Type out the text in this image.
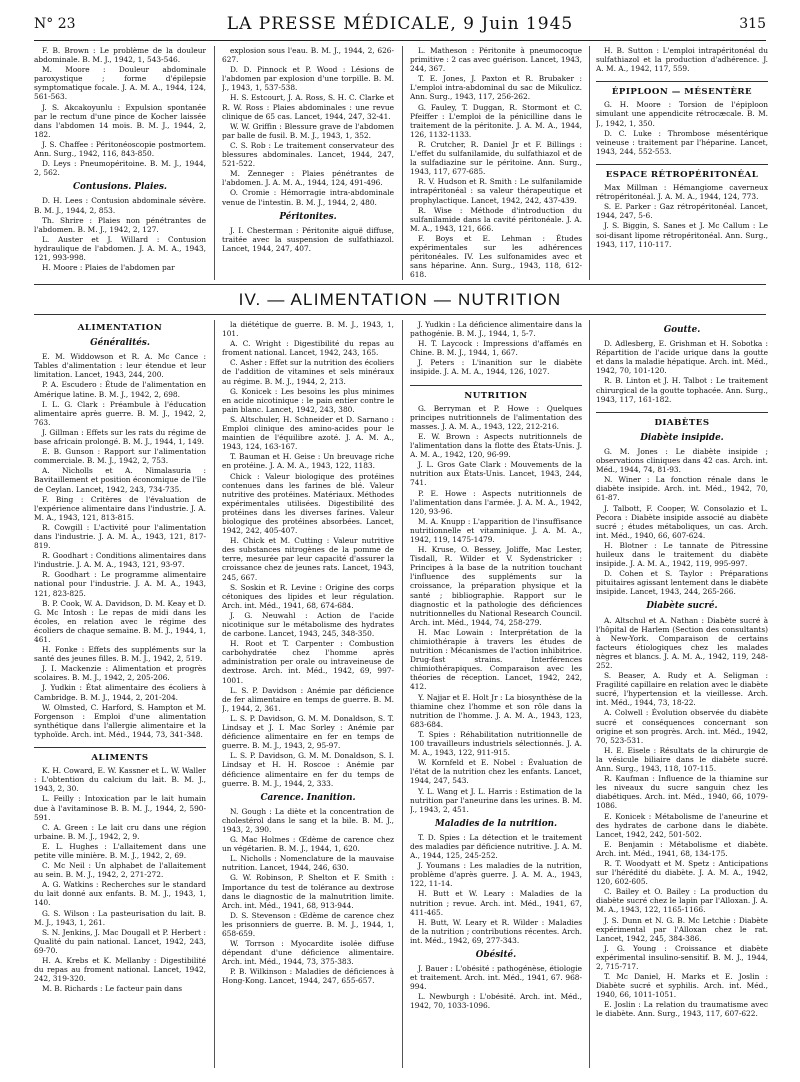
N° 23	LA PRESSE MÉDICALE, 9 Juin 1945	315

F. B. Brown : Le problème de la douleur abdominale. B. M. J., 1942, 1, 543-546.

M. Moore : Douleur abdominale paroxystique ; forme d'épilepsie symptomatique focale. J. A. M. A., 1944, 124, 561-563.

J. S. Akcakoyunlu : Expulsion spontanée par le rectum d'une pince de Kocher laissée dans l'abdomen 14 mois. B. M. J., 1944, 2, 182.

J. S. Chaffee : Péritonéoscopie postmortem. Ann. Surg., 1942, 116, 843-850.

D. Leys : Pneumopéritoine. B. M. J., 1944, 2, 562.

Contusions. Plaies.

D. H. Lees : Contusion abdominale sévère. B. M. J., 1944, 2, 853.

Th. Shrire : Plaies non pénétrantes de l'abdomen. B. M. J., 1942, 2, 127.

L. Auster et J. Willard : Contusion hydraulique de l'abdomen. J. A. M. A., 1943, 121, 993-998.

H. Moore : Plaies de l'abdomen par

explosion sous l'eau. B. M. J., 1944, 2, 626-627.

D. D. Pinnock et P. Wood : Lésions de l'abdomen par explosion d'une torpille. B. M. J., 1943, 1, 537-538.

H. S. Estcourt, J. A. Ross, S. H. C. Clarke et R. W. Ross : Plaies abdominales : une revue clinique de 65 cas. Lancet, 1944, 247, 32-41.

W. W. Griffin : Blessure grave de l'abdomen par balle de fusil. B. M. J., 1943, 1, 352.

C. S. Rob : Le traitement conservateur des blessures abdominales. Lancet, 1944, 247, 521-522.

M. Zenneger : Plaies pénétrantes de l'abdomen. J. A. M. A., 1944, 124, 491-496.

O. Cromie : Hémorragie intra-abdominale venue de l'intestin. B. M. J., 1944, 2, 480.

Péritonites.

J. I. Chesterman : Péritonite aiguë diffuse, traitée avec la suspension de sulfathiazol. Lancet, 1944, 247, 407.

L. Matheson : Péritonite à pneumocoque primitive : 2 cas avec guérison. Lancet, 1943, 244, 367.

T. E. Jones, J. Paxton et R. Brubaker : L'emploi intra-abdominal du sac de Mikulicz. Ann. Surg., 1943, 117, 256-262.

G. Fauley, T. Duggan, R. Stormont et C. Pfeiffer : L'emploi de la pénicilline dans le traitement de la péritonite. J. A. M. A., 1944, 126, 1132-1133.

R. Crutcher, R. Daniel Jr et F. Billings : L'effet du sulfanilamide, du sulfathiazol et de la sulfadiazine sur le péritoine. Ann. Surg., 1943, 117, 677-685.

R. V. Hudson et R. Smith : Le sulfanilamide intrapéritonéal : sa valeur thérapeutique et prophylactique. Lancet, 1942, 242, 437-439.

R. Wise : Méthode d'introduction du sulfanilamide dans la cavité péritonéale. J. A. M. A., 1943, 121, 666.

F. Boys et E. Lehman : Études expérimentales sur les adhérences péritonéales. IV. Les sulfonamides avec et sans héparine. Ann. Surg., 1943, 118, 612-618.

H. B. Sutton : L'emploi intrapéritonéal du sulfathiazol et la production d'adhérence. J. A. M. A., 1942, 117, 559.

ÉPIPLOON — MÉSENTÈRE

G. H. Moore : Torsion de l'épiploon simulant une appendicite rétrocæcale. B. M. J., 1942, 1, 350.

D. C. Luke : Thrombose mésentérique veineuse : traitement par l'héparine. Lancet, 1943, 244, 552-553.

ESPACE RÉTROPÉRITONÉAL

Max Millman : Hémangiome caverneux rétropéritonéal. J. A. M. A., 1944, 124, 773.

S. E. Parker : Gaz rétropéritonéal. Lancet, 1944, 247, 5-6.

J. S. Biggin, S. Sanes et J. Mc Callum : Le soi-disant lipome rétropéritonéal. Ann. Surg., 1943, 117, 110-117.

IV. — ALIMENTATION — NUTRITION
ALIMENTATION
Généralités.

E. M. Widdowson et R. A. Mc Cance : Tables d'alimentation : leur étendue et leur limitation. Lancet, 1943, 244, 200.

P. A. Escudero : Étude de l'alimentation en Amérique latine. B. M. J., 1942, 2, 698.

I. L. G. Clark : Préambule à l'éducation alimentaire après guerre. B. M. J., 1942, 2, 763.

J. Gillman : Effets sur les rats du régime de base africain prolongé. B. M. J., 1944, 1, 149.

E. B. Gunson : Rapport sur l'alimentation commerciale. B. M. J., 1942, 2, 753.

A. Nicholls et A. Nimalasuria : Bavitaillement et position économique de l'île de Ceylan. Lancet, 1942, 243, 734-735.

F. Bing : Critères de l'évaluation de l'expérience alimentaire dans l'industrie. J. A. M. A., 1943, 121, 813-815.

R. Cowgill : L'activité pour l'alimentation dans l'industrie. J. A. M. A., 1943, 121, 817-819.

R. Goodhart : Conditions alimentaires dans l'industrie. J. A. M. A., 1943, 121, 93-97.

R. Goodhart : Le programme alimentaire national pour l'industrie. J. A. M. A., 1943, 121, 823-825.

B. P. Cook, W. A. Davidson, D. M. Keay et D. G. Mc Intosh : Le repas de midi dans les écoles, en relation avec le régime des écoliers de chaque semaine. B. M. J., 1944, 1, 461.

H. Fonke : Effets des suppléments sur la santé des jeunes filles. B. M. J., 1942, 2, 519.

J. I. Mackenzie : Alimentation et progrès scolaires. B. M. J., 1942, 2, 205-206.

J. Yudkin : État alimentaire des écoliers à Cambridge. B. M. J., 1944, 2, 201-204.

W. Olmsted, C. Harford, S. Hampton et M. Forgenson : Emploi d'une alimentation synthétique dans l'allergie alimentaire et la typhoïde. Arch. int. Méd., 1944, 73, 341-348.

ALIMENTS

K. H. Coward, E. W. Kassner et L. W. Waller : L'obtention du calcium du lait. B. M. J., 1943, 2, 30.

L. Feilly : Intoxication par le lait humain due à l'avitaminose B. B. M. J., 1944, 2, 590-591.

C. A. Green : Le lait cru dans une région urbaine. B. M. J., 1942, 2, 9.

E. L. Hughes : L'allaitement dans une petite ville minière. B. M. J., 1942, 2, 69.

C. Mc Neil : Un alphabet de l'allaitement au sein. B. M. J., 1942, 2, 271-272.

A. G. Watkins : Recherches sur le standard du lait donné aux enfants. B. M. J., 1943, 1, 140.

G. S. Wilson : La pasteurisation du lait. B. M. J., 1943, 1, 261.

S. N. Jenkins, J. Mac Dougall et P. Herbert : Qualité du pain national. Lancet, 1942, 243, 69-70.

H. A. Krebs et K. Mellanby : Digestibilité du repas au froment national. Lancet, 1942, 242, 319-320.

M. B. Richards : Le facteur pain dans

la diététique de guerre. B. M. J., 1943, 1, 101.

A. C. Wright : Digestibilité du repas au froment national. Lancet, 1942, 243, 165.

C. Asher : Effet sur la nutrition des écoliers de l'addition de vitamines et sels minéraux au régime. B. M. J., 1944, 2, 213.

G. Konicek : Les besoins les plus minimes en acide nicotinique : le pain entier contre le pain blanc. Lancet, 1942, 243, 380.

S. Altschuler, H. Schneider et D. Sarnano : Emploi clinique des amino-acides pour le maintien de l'équilibre azoté. J. A. M. A., 1943, 124, 163-167.

T. Bauman et H. Geise : Un breuvage riche en protéine. J. A. M. A., 1943, 122, 1183.

Chick : Valeur biologique des protéines contenues dans les farines de blé. Valeur nutritive des protéines. Matériaux. Méthodes expérimentales utilisées. Digestibilité des protéines dans les diverses farines. Valeur biologique des protéines absorbées. Lancet, 1942, 242, 405-407.

H. Chick et M. Cutting : Valeur nutritive des substances nitrogènes de la pomme de terre, mesurée par leur capacité d'assurer la croissance chez de jeunes rats. Lancet, 1943, 245, 667.

S. Soskin et R. Levine : Origine des corps cétoniques des lipides et leur régulation. Arch. int. Méd., 1941, 68, 674-684.

J. G. Neuwahl : Action de l'acide nicotinique sur le métabolisme des hydrates de carbone. Lancet, 1943, 245, 348-350.

H. Root et T. Carpenter : Combustion carbohydratée chez l'homme après administration per orale ou intraveineuse de dextrose. Arch. int. Méd., 1942, 69, 997-1001.

L. S. P. Davidson : Anémie par déficience de fer alimentaire en temps de guerre. B. M. J., 1944, 2, 361.

L. S. P. Davidson, G. M. M. Donaldson, S. T. Lindsay et J. I. Mac Sorley : Anémie par déficience alimentaire en fer en temps de guerre. B. M. J., 1943, 2, 95-97.

L. S. P. Davidson, G. M. M. Donaldson, S. I. Lindsay et H. H. Roscoe : Anémie par déficience alimentaire en fer du temps de guerre. B. M. J., 1944, 2, 333.

Carence. Inanition.

N. Gough : La diète et la concentration de cholestérol dans le sang et la bile. B. M. J., 1943, 2, 390.

G. Mac Holmes : Œdème de carence chez un végétarien. B. M. J., 1944, 1, 620.

L. Nicholls : Nomenclature de la mauvaise nutrition. Lancet, 1944, 246, 630.

G. W. Robinson, P. Shelton et F. Smith : Importance du test de tolérance au dextrose dans le diagnostic de la malnutrition limite. Arch. int. Méd., 1941, 68, 913-944.

D. S. Stevenson : Œdème de carence chez les prisonniers de guerre. B. M. J., 1944, 1, 658-659.

W. Torrson : Myocardite isolée diffuse dépendant d'une déficience alimentaire. Arch. int. Méd., 1944, 73, 375-383.

P. B. Wilkinson : Maladies de déficiences à Hong-Kong. Lancet, 1944, 247, 655-657.

J. Yudkin : La déficience alimentaire dans la pathogénie. B. M. J., 1944, 1, 5-7.

H. T. Laycock : Impressions d'affamés en Chine. B. M. J., 1944, 1, 667.

J. Peters : L'inanition sur le diabète insipide. J. A. M. A., 1944, 126, 1027.

NUTRITION

G. Berryman et P. Howe : Quelques principes nutritionnels de l'alimentation des masses. J. A. M. A., 1943, 122, 212-216.

E. W. Brown : Aspects nutritionnels de l'alimentation dans la flotte des États-Unis. J. A. M. A., 1942, 120, 96-99.

J. L. Gros Gate Clark : Mouvements de la nutrition aux États-Unis. Lancet, 1943, 244, 741.

P. E. Howe : Aspects nutritionnels de l'alimentation dans l'armée. J. A. M. A., 1942, 120, 93-96.

M. A. Knupp : L'apparition de l'insuffisance nutritionnelle et vitaminique. J. A. M. A., 1942, 119, 1475-1479.

H. Kruse, O. Bessey, Joliffe, Mac Lester, Tisdall, R. Wilder et V. Sydenstricker : Principes à la base de la nutrition touchant l'influence des suppléments sur la croissance, la préparation physique et la santé ; bibliographie. Rapport sur le diagnostic et la pathologie des déficiences nutritionnelles du National Research Council. Arch. int. Méd., 1944, 74, 258-279.

H. Mac Lowain : Interprétation de la chimiothérapie à travers les études de nutrition : Mécanismes de l'action inhibitrice. Drug-fast strains. Interférences chimiothérapiques. Comparaison avec les théories de réception. Lancet, 1942, 242, 412.

Y. Najjar et E. Holt Jr : La biosynthèse de la thiamine chez l'homme et son rôle dans la nutrition de l'homme. J. A. M. A., 1943, 123, 683-684.

T. Spies : Réhabilitation nutritionnelle de 100 travailleurs industriels sélectionnés. J. A. M. A., 1943, 122, 911-915.

W. Kornfeld et E. Nobel : Évaluation de l'état de la nutrition chez les enfants. Lancet, 1944, 247, 543.

Y. L. Wang et J. L. Harris : Estimation de la nutrition par l'aneurine dans les urines. B. M. J., 1943, 2, 451.

Maladies de la nutrition.

T. D. Spies : La détection et le traitement des maladies par déficience nutritive. J. A. M. A., 1944, 125, 245-252.

J. Youmans : Les maladies de la nutrition, problème d'après guerre. J. A. M. A., 1943, 122, 11-14.

H. Butt et W. Leary : Maladies de la nutrition ; revue. Arch. int. Méd., 1941, 67, 411-465.

H. Butt, W. Leary et R. Wilder : Maladies de la nutrition ; contributions récentes. Arch. int. Méd., 1942, 69, 277-343.

Obésité.

J. Bauer : L'obésité : pathogénèse, étiologie et traitement. Arch. int. Méd., 1941, 67. 968-994.

L. Newburgh : L'obésité. Arch. int. Méd., 1942, 70, 1033-1096.

Goutte.

D. Adlesberg, E. Grishman et H. Sobotka : Répartition de l'acide urique dans la goutte et dans la maladie hépatique. Arch. int. Méd., 1942, 70, 101-120.

R. B. Linton et J. H. Talbot : Le traitement chirurgical de la goutte tophacée. Ann. Surg., 1943, 117, 161-182.

DIABÈTES
Diabète insipide.

G. M. Jones : Le diabète insipide ; observations cliniques dans 42 cas. Arch. int. Méd., 1944, 74, 81-93.

N. Winer : La fonction rénale dans le diabète insipide. Arch. int. Méd., 1942, 70, 61-87.

J. Talbott, F. Cooper, W. Consolazio et L. Pecora : Diabète insipide associé au diabète sucré ; études métaboliques, un cas. Arch. int. Méd., 1940, 66, 607-624.

H. Blotner : Le tannate de Pitressine huileux dans le traitement du diabète insipide. J. A. M. A., 1942, 119, 995-997.

D. Cohen et S. Taylor : Préparations pituitaires agissant lentement dans le diabète insipide. Lancet, 1943, 244, 265-266.

Diabète sucré.

A. Altschul et A. Nathan : Diabète sucré à l'hôpital de Harlem (Section des consultants) à New-York. Comparaison de certains facteurs étiologiques chez les malades nègres et blancs. J. A. M. A., 1942, 119, 248-252.

S. Beaser, A. Rudy et A. Seligman : Fragilité capillaire en relation avec le diabète sucré, l'hypertension et la vieillesse. Arch. int. Méd., 1944, 73, 18-22.

A. Colwell : Évolution observée du diabète sucré et conséquences concernant son origine et son progrès. Arch. int. Méd., 1942, 70, 523-531.

H. E. Eisele : Résultats de la chirurgie de la vésicule biliaire dans le diabète sucré. Ann. Surg., 1943, 118, 107-115.

R. Kaufman : Influence de la thiamine sur les niveaux du sucre sanguin chez les diabétiques. Arch. int. Méd., 1940, 66, 1079-1086.

E. Konicek : Métabolisme de l'aneurine et des hydrates de carbone dans le diabète. Lancet, 1942, 242, 501-502.

E. Benjamin : Métabolisme et diabète. Arch. int. Méd., 1941, 68, 134-175.

R. T. Woodyatt et M. Spetz : Anticipations sur l'hérédité du diabète. J. A. M. A., 1942, 120, 602-605.

C. Bailey et O. Bailey : La production du diabète sucré chez le lapin par l'Alloxan. J. A. M. A., 1943, 122, 1165-1166.

J. S. Dunn et N. G. B. Mc Letchie : Diabète expérimental par l'Alloxan chez le rat. Lancet, 1942, 245, 384-386.

J. G. Young : Croissance et diabète expérimental insulino-sensitif. B. M. J., 1944, 2, 715-717.

T. Mc Daniel, H. Marks et E. Joslin : Diabète sucré et syphilis. Arch. int. Méd., 1940, 66, 1011-1051.

E. Joslin : La relation du traumatisme avec le diabète. Ann. Surg., 1943, 117, 607-622.
